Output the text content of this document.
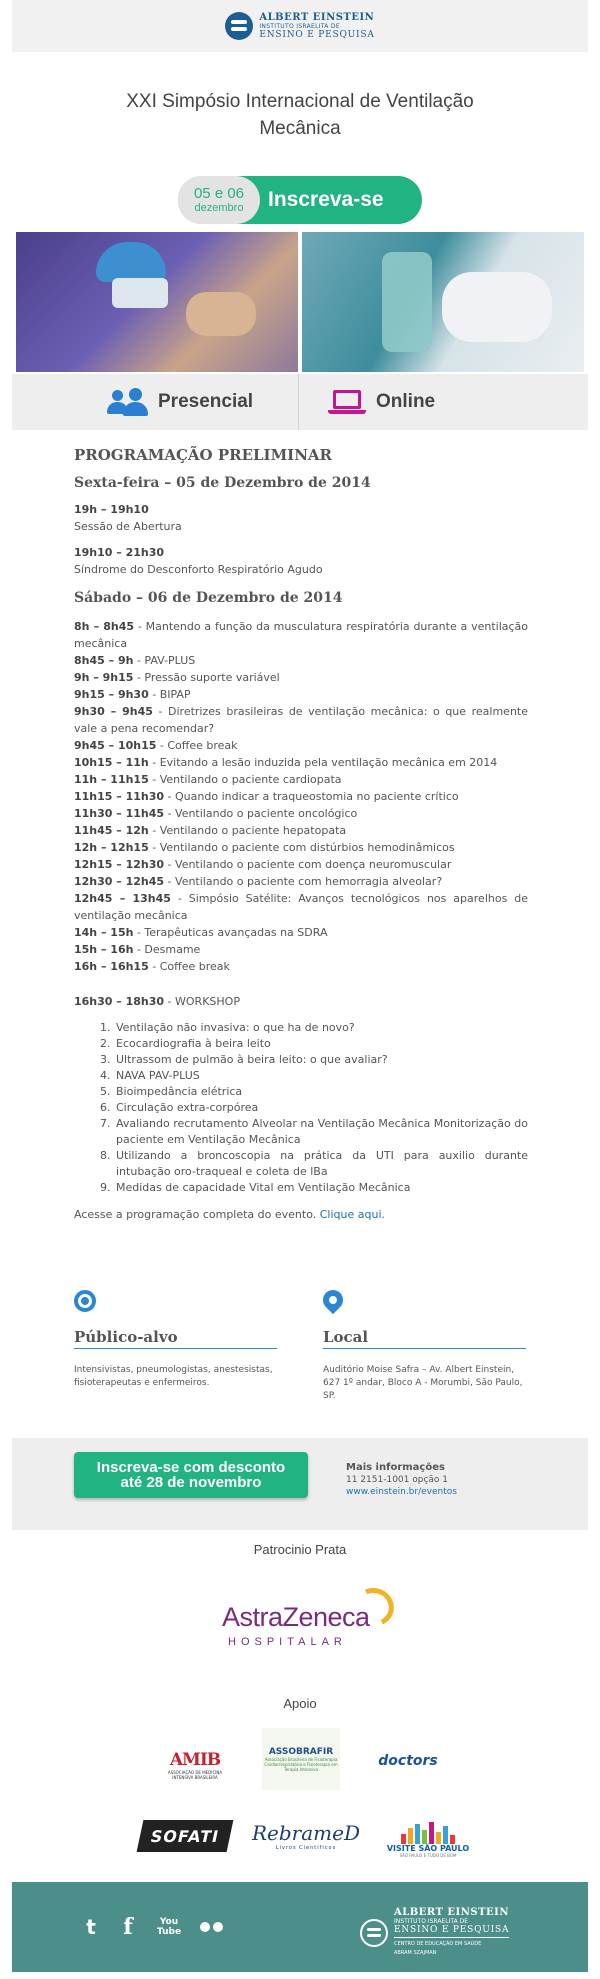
ALBERT EINSTEIN
INSTITUTO ISRAELITA DE
ENSINO E PESQUISA
XXI Simpósio Internacional de Ventilação
Mecânica
05 e 06
dezembro Inscreva-se
Presencial	Online
PROGRAMAÇÃO PRELIMINAR
Sexta-feira – 05 de Dezembro de 2014
19h – 19h10
Sessão de Abertura
19h10 – 21h30
Síndrome do Desconforto Respiratório Agudo
Sábado – 06 de Dezembro de 2014
8h – 8h45 - Mantendo a função da musculatura respiratória durante a ventilação mecânica
8h45 – 9h - PAV-PLUS
9h – 9h15 - Pressão suporte variável
9h15 – 9h30 - BIPAP
9h30 – 9h45 - Diretrizes brasileiras de ventilação mecânica: o que realmente vale a pena recomendar?
9h45 – 10h15 - Coffee break
10h15 – 11h - Evitando a lesão induzida pela ventilação mecânica em 2014
11h – 11h15 - Ventilando o paciente cardiopata
11h15 – 11h30 - Quando indicar a traqueostomia no paciente crítico
11h30 – 11h45 - Ventilando o paciente oncológico
11h45 – 12h - Ventilando o paciente hepatopata
12h – 12h15 - Ventilando o paciente com distúrbios hemodinâmicos
12h15 – 12h30 - Ventilando o paciente com doença neuromuscular
12h30 – 12h45 - Ventilando o paciente com hemorragia alveolar?
12h45 – 13h45 - Simpósio Satélite: Avanços tecnológicos nos aparelhos de ventilação mecânica
14h – 15h - Terapêuticas avançadas na SDRA
15h – 16h - Desmame
16h – 16h15 - Coffee break
16h30 – 18h30 - WORKSHOP
1. Ventilação não invasiva: o que ha de novo?
2. Ecocardiografia à beira leito
3. Ultrassom de pulmão à beira leito: o que avaliar?
4. NAVA PAV-PLUS
5. Bioimpedância elétrica
6. Circulação extra-corpórea
7. Avaliando recrutamento Alveolar na Ventilação Mecânica Monitorização do paciente em Ventilação Mecânica
8. Utilizando a broncoscopia na prática da UTI para auxilio durante intubação oro-traqueal e coleta de lBa
9. Medidas de capacidade Vital em Ventilação Mecânica
Acesse a programação completa do evento. Clique aqui.
Público-alvo	Local
Intensivistas, pneumologistas, anestesistas, fisioterapeutas e enfermeiros.
Auditório Moise Safra – Av. Albert Einstein, 627 1º andar, Bloco A - Morumbi, São Paulo, SP.
Inscreva-se com desconto
até 28 de novembro
Mais informações
11 2151-1001 opção 1
www.einstein.br/eventos
Patrocinio Prata
AstraZeneca
HOSPITALAR
Apoio
AMIB
ASSOCIAÇÃO DE MEDICINA INTENSIVA BRASILEIRA
ASSOBRAFIR
Associação Brasileira de Fisioterapia Cardiorrespiratória e Fisioterapia em Terapia Intensiva	doctors
SOFATI RebrameD
Livros Científicos	VISITE SÃO PAULO
SÃO PAULO É TUDO DE BOM
t f	You
Tube
ALBERT EINSTEIN
INSTITUTO ISRAELITA DE
ENSINO E PESQUISA
CENTRO DE EDUCAÇÃO EM SAÚDE
ABRAM SZAJMAN
